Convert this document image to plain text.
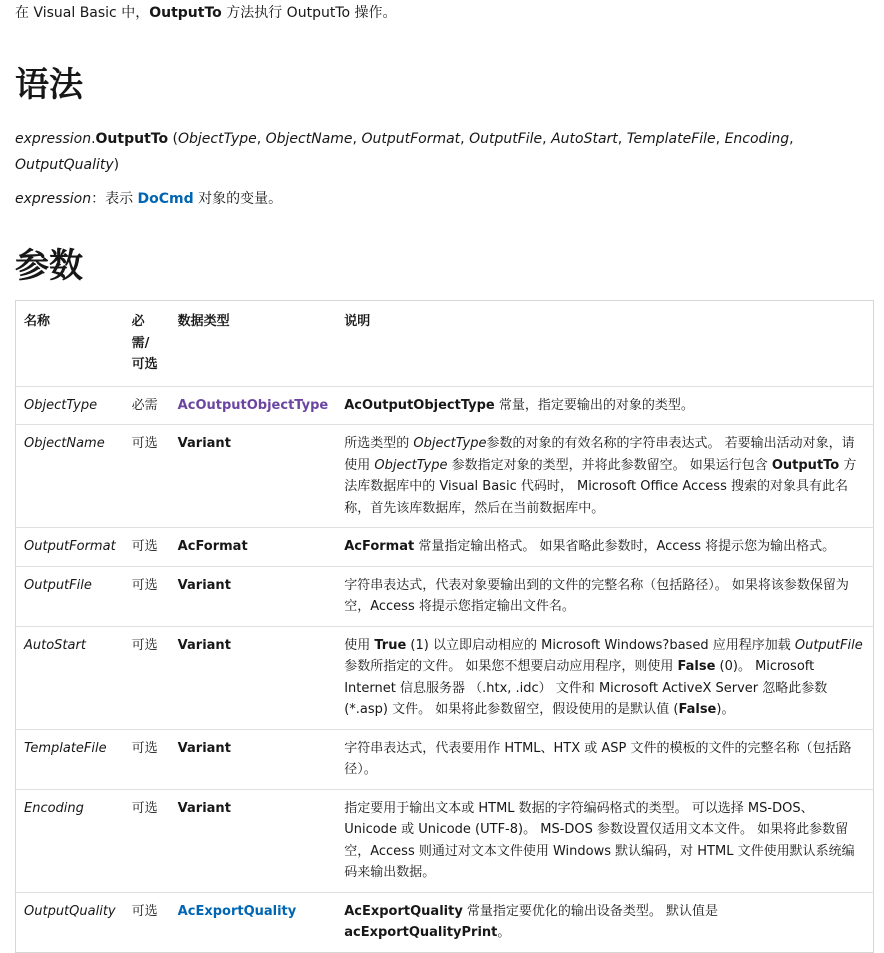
在 Visual Basic 中，OutputTo 方法执行 OutputTo 操作。

语法

expression.OutputTo (ObjectType, ObjectName, OutputFormat, OutputFile, AutoStart, TemplateFile, Encoding, OutputQuality)

expression：表示 DoCmd 对象的变量。

参数
名称	必需/可选	数据类型	说明
ObjectType	必需	AcOutputObjectType	AcOutputObjectType 常量，指定要输出的对象的类型。
ObjectName	可选	Variant	所选类型的 ObjectType参数的对象的有效名称的字符串表达式。 若要输出活动对象，请使用 ObjectType 参数指定对象的类型，并将此参数留空。 如果运行包含 OutputTo 方法库数据库中的 Visual Basic 代码时， Microsoft Office Access 搜索的对象具有此名称，首先该库数据库，然后在当前数据库中。
OutputFormat	可选	AcFormat	AcFormat 常量指定输出格式。 如果省略此参数时，Access 将提示您为输出格式。
OutputFile	可选	Variant	字符串表达式，代表对象要输出到的文件的完整名称（包括路径）。 如果将该参数保留为空，Access 将提示您指定输出文件名。
AutoStart	可选	Variant	使用 True (1) 以立即启动相应的 Microsoft Windows?based 应用程序加载 OutputFile参数所指定的文件。 如果您不想要启动应用程序，则使用 False (0)。 Microsoft Internet 信息服务器 （.htx, .idc） 文件和 Microsoft ActiveX Server 忽略此参数 (*.asp) 文件。 如果将此参数留空，假设使用的是默认值 (False)。
TemplateFile	可选	Variant	字符串表达式，代表要用作 HTML、HTX 或 ASP 文件的模板的文件的完整名称（包括路径）。
Encoding	可选	Variant	指定要用于输出文本或 HTML 数据的字符编码格式的类型。 可以选择 MS-DOS、Unicode 或 Unicode (UTF-8)。 MS-DOS 参数设置仅适用文本文件。 如果将此参数留空，Access 则通过对文本文件使用 Windows 默认编码，对 HTML 文件使用默认系统编码来输出数据。
OutputQuality	可选	AcExportQuality	AcExportQuality 常量指定要优化的输出设备类型。 默认值是 acExportQualityPrint。
